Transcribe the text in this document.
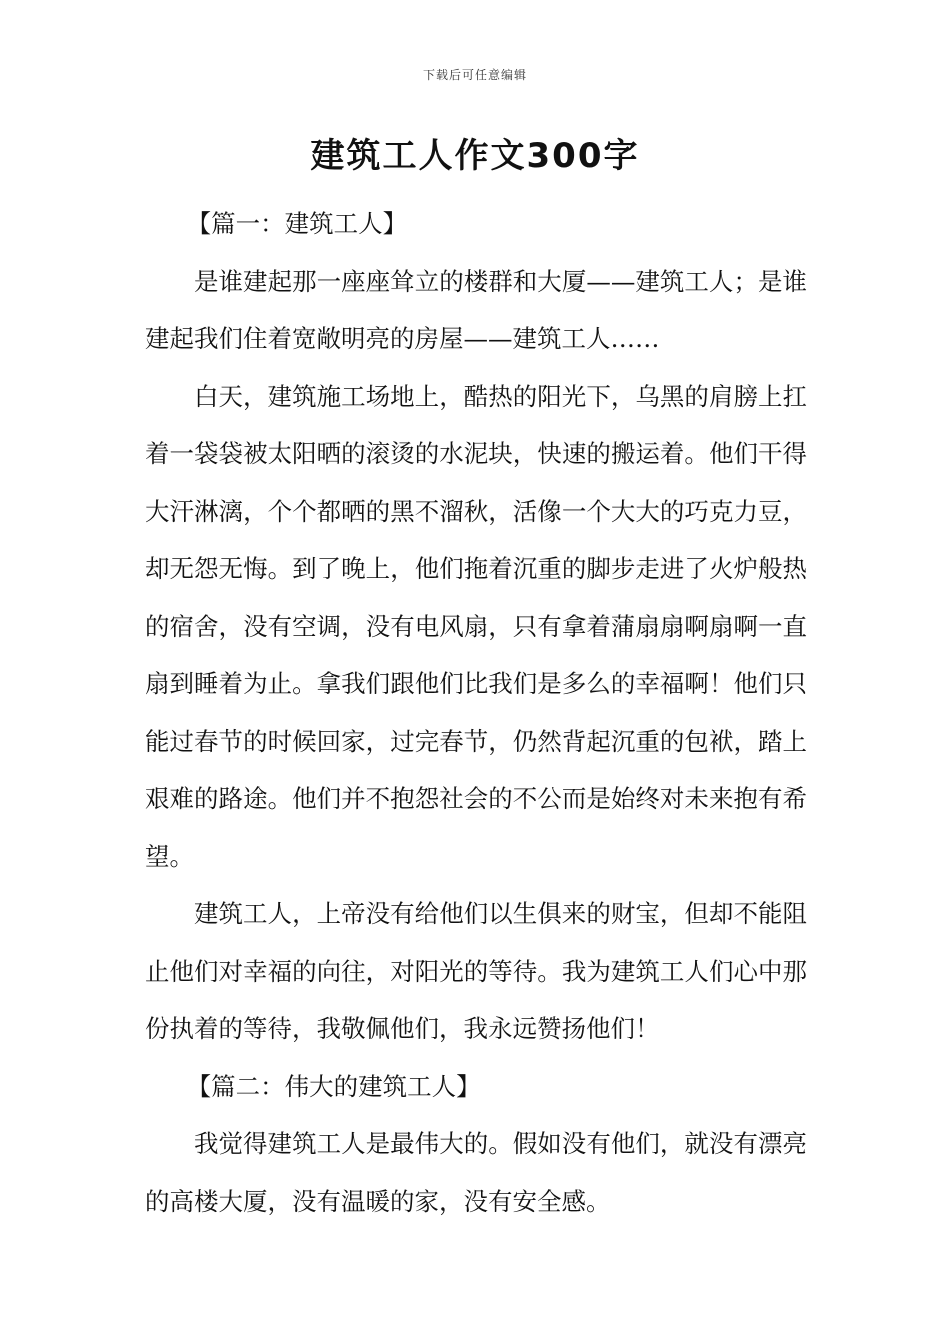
下载后可任意编辑
建筑工人作文300字

【篇一：建筑工人】

是谁建起那一座座耸立的楼群和大厦——建筑工人；是谁建起我们住着宽敞明亮的房屋——建筑工人……

白天，建筑施工场地上，酷热的阳光下，乌黑的肩膀上扛着一袋袋被太阳晒的滚烫的水泥块，快速的搬运着。他们干得大汗淋漓，个个都晒的黑不溜秋，活像一个大大的巧克力豆，却无怨无悔。到了晚上，他们拖着沉重的脚步走进了火炉般热的宿舍，没有空调，没有电风扇，只有拿着蒲扇扇啊扇啊一直扇到睡着为止。拿我们跟他们比我们是多么的幸福啊！他们只能过春节的时候回家，过完春节，仍然背起沉重的包袱，踏上艰难的路途。他们并不抱怨社会的不公而是始终对未来抱有希望。

建筑工人，上帝没有给他们以生俱来的财宝，但却不能阻止他们对幸福的向往，对阳光的等待。我为建筑工人们心中那份执着的等待，我敬佩他们，我永远赞扬他们！

【篇二：伟大的建筑工人】

我觉得建筑工人是最伟大的。假如没有他们，就没有漂亮的高楼大厦，没有温暖的家，没有安全感。
